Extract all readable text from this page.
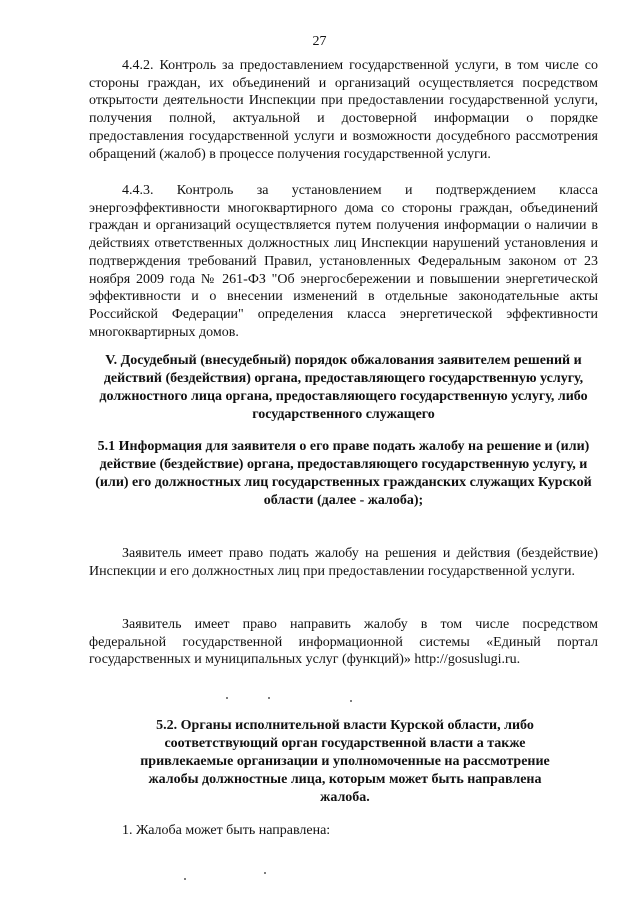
27

4.4.2. Контроль за предоставлением государственной услуги, в том числе со стороны граждан, их объединений и организаций осуществляется посредством открытости деятельности Инспекции при предоставлении государственной услуги, получения полной, актуальной и достоверной информации о порядке предоставления государственной услуги и возможности досудебного рассмотрения обращений (жалоб) в процессе получения государственной услуги.

4.4.3. Контроль за установлением и подтверждением класса энергоэффективности многоквартирного дома со стороны граждан, объединений граждан и организаций осуществляется путем получения информации о наличии в действиях ответственных должностных лиц Инспекции нарушений установления и подтверждения требований Правил, установленных Федеральным законом от 23 ноября 2009 года № 261-ФЗ "Об энергосбережении и повышении энергетической эффективности и о внесении изменений в отдельные законодательные акты Российской Федерации" определения класса энергетической эффективности многоквартирных домов.

V. Досудебный (внесудебный) порядок обжалования заявителем решений и действий (бездействия) органа, предоставляющего государственную услугу, должностного лица органа, предоставляющего государственную услугу, либо государственного служащего

5.1 Информация для заявителя о его праве подать жалобу на решение и (или) действие (бездействие) органа, предоставляющего государственную услугу, и (или) его должностных лиц государственных гражданских служащих Курской области (далее - жалоба);

Заявитель имеет право подать жалобу на решения и действия (бездействие) Инспекции и его должностных лиц при предоставлении государственной услуги.

Заявитель имеет право направить жалобу в том числе посредством федеральной государственной информационной системы «Единый портал государственных и муниципальных услуг (функций)» http://gosuslugi.ru.

5.2. Органы исполнительной власти Курской области, либо соответствующий орган государственной власти а также привлекаемые организации и уполномоченные на рассмотрение жалобы должностные лица, которым может быть направлена жалоба.

1. Жалоба может быть направлена:
